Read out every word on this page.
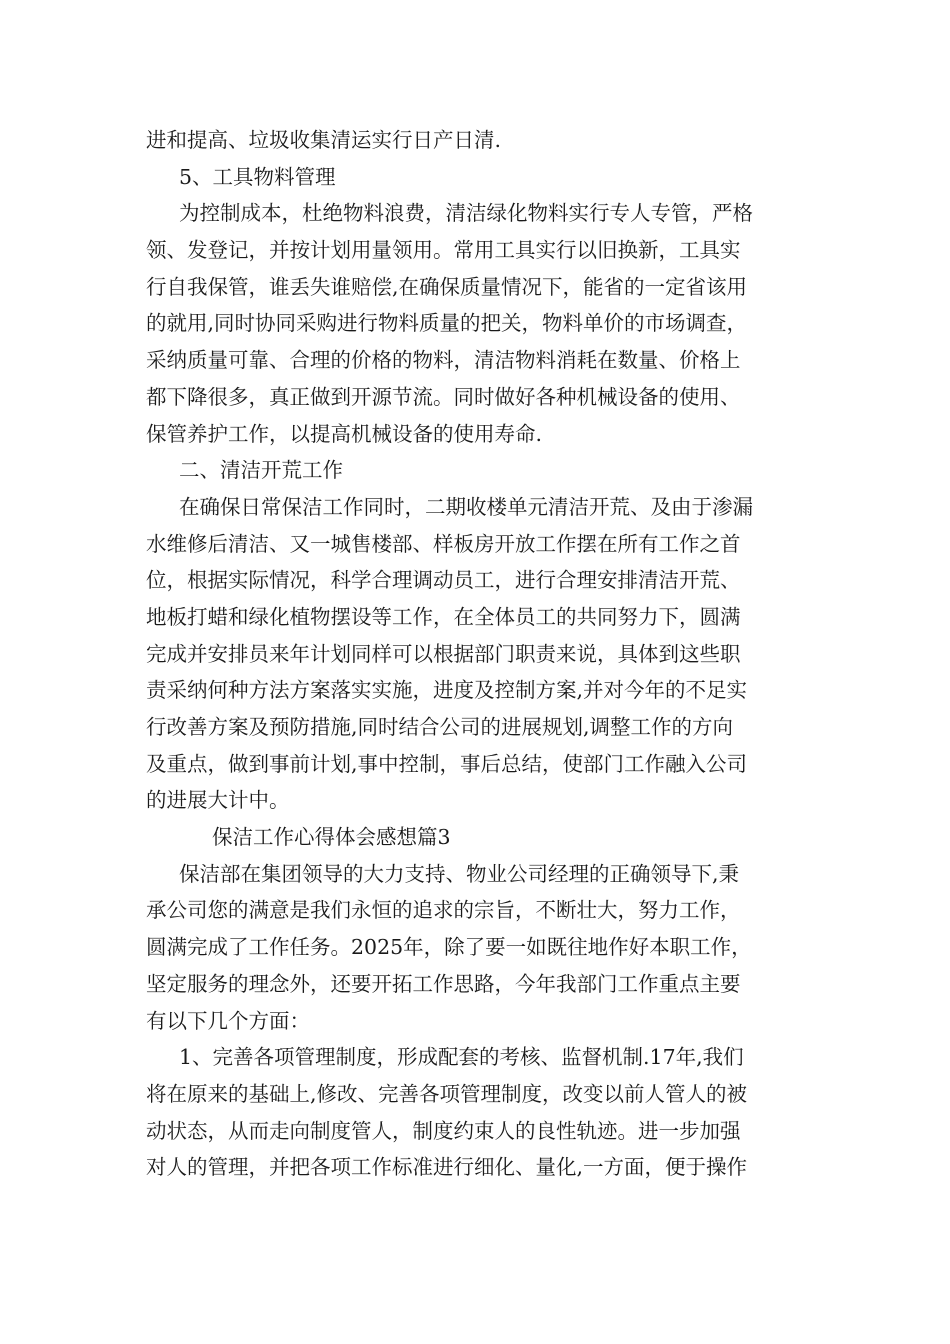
进和提高、垃圾收集清运实行日产日清.
5、工具物料管理
为控制成本，杜绝物料浪费，清洁绿化物料实行专人专管，严格
领、发登记，并按计划用量领用。常用工具实行以旧换新，工具实
行自我保管，谁丢失谁赔偿,在确保质量情况下，能省的一定省该用
的就用,同时协同采购进行物料质量的把关，物料单价的市场调查，
采纳质量可靠、合理的价格的物料，清洁物料消耗在数量、价格上
都下降很多，真正做到开源节流。同时做好各种机械设备的使用、
保管养护工作，以提高机械设备的使用寿命.
二、清洁开荒工作
在确保日常保洁工作同时，二期收楼单元清洁开荒、及由于渗漏
水维修后清洁、又一城售楼部、样板房开放工作摆在所有工作之首
位，根据实际情况，科学合理调动员工，进行合理安排清洁开荒、
地板打蜡和绿化植物摆设等工作，在全体员工的共同努力下，圆满
完成并安排员来年计划同样可以根据部门职责来说，具体到这些职
责采纳何种方法方案落实实施，进度及控制方案,并对今年的不足实
行改善方案及预防措施,同时结合公司的进展规划,调整工作的方向
及重点，做到事前计划,事中控制，事后总结，使部门工作融入公司
的进展大计中。
保洁工作心得体会感想篇3
保洁部在集团领导的大力支持、物业公司经理的正确领导下,秉
承公司您的满意是我们永恒的追求的宗旨，不断壮大，努力工作，
圆满完成了工作任务。2025年，除了要一如既往地作好本职工作，
坚定服务的理念外，还要开拓工作思路，今年我部门工作重点主要
有以下几个方面：
1、完善各项管理制度，形成配套的考核、监督机制.17年,我们
将在原来的基础上,修改、完善各项管理制度，改变以前人管人的被
动状态，从而走向制度管人，制度约束人的良性轨迹。进一步加强
对人的管理，并把各项工作标准进行细化、量化,一方面，便于操作
